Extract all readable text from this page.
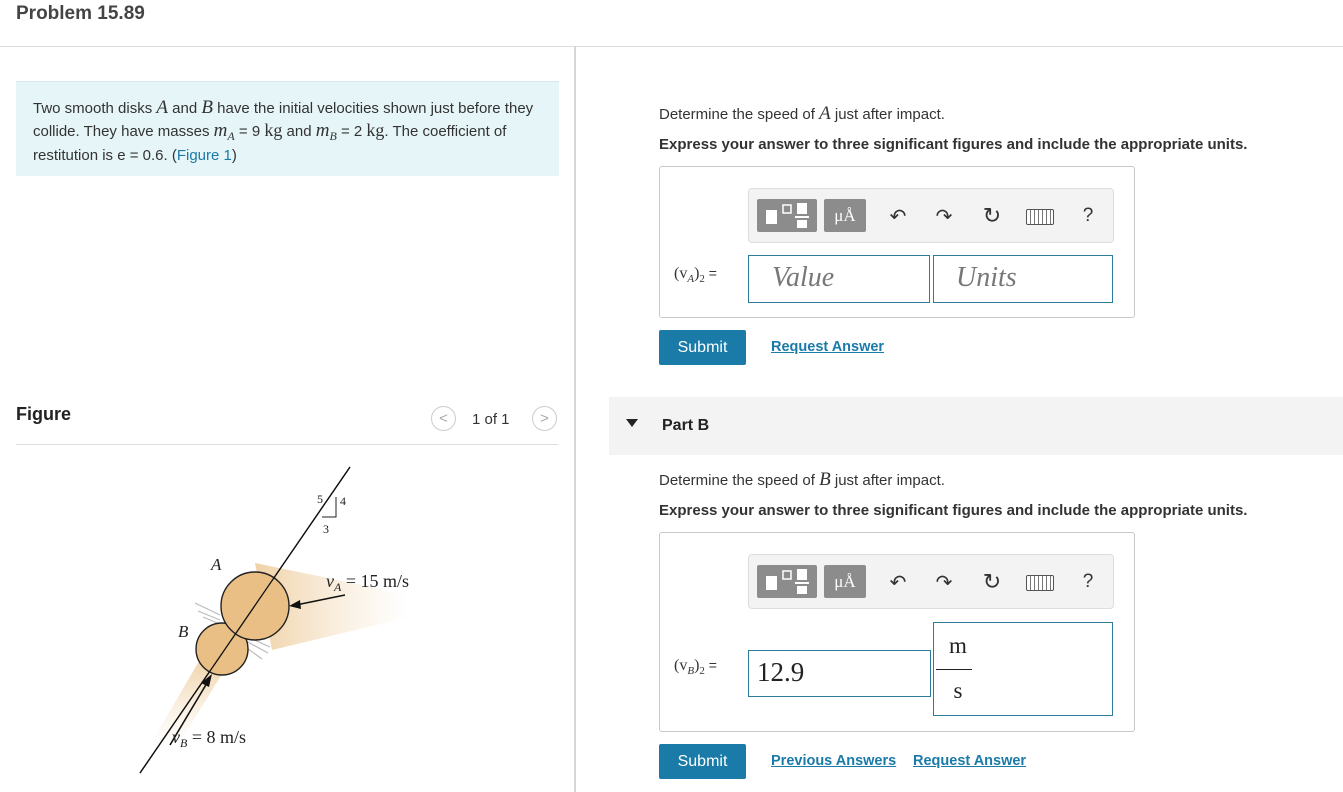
Problem 15.89
Two smooth disks A and B have the initial velocities shown just before they collide. They have masses $m_A = 9$ kg and $m_B = 2$ kg. The coefficient of restitution is e = 0.6. (Figure 1)
Figure	< 1 of 1 >
5 4
3
A
B
$v_A = 15$ m/s
$v_B = 8$ m/s
Determine the speed of A just after impact.
Express your answer to three significant figures and include the appropriate units.
μÅ	↶ ↷ ↻	?
$(v_A)_2$ =	Value	Units
Submit	Request Answer
Part B
Determine the speed of B just after impact.
Express your answer to three significant figures and include the appropriate units.
μÅ	↶ ↷ ↻	?
$(v_B)_2$ =	12.9
m
s
Submit	Previous Answers Request Answer
